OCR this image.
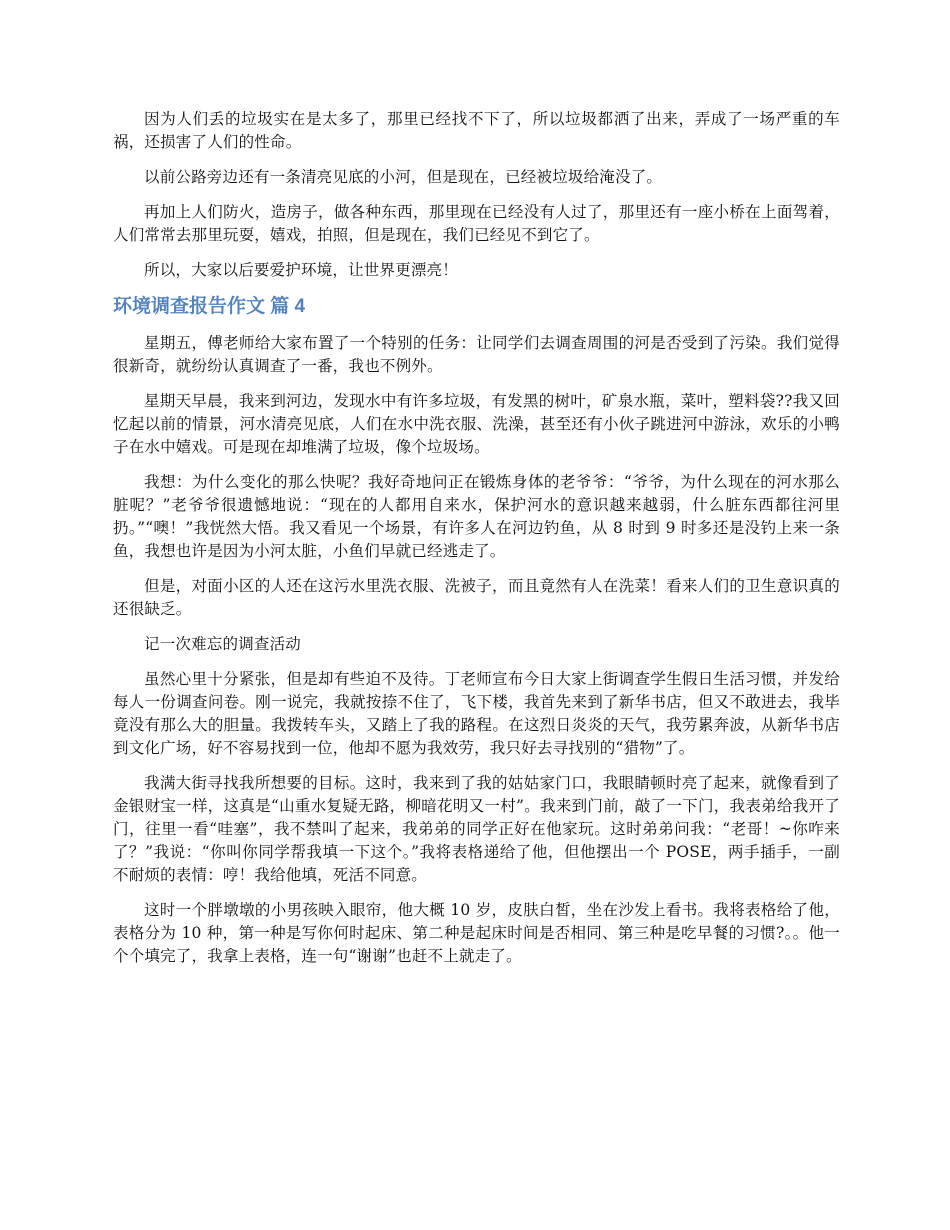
因为人们丢的垃圾实在是太多了，那里已经找不下了，所以垃圾都洒了出来，弄成了一场严重的车祸，还损害了人们的性命。

以前公路旁边还有一条清亮见底的小河，但是现在，已经被垃圾给淹没了。

再加上人们防火，造房子，做各种东西，那里现在已经没有人过了，那里还有一座小桥在上面驾着，人们常常去那里玩耍，嬉戏，拍照，但是现在，我们已经见不到它了。

所以，大家以后要爱护环境，让世界更漂亮！

环境调查报告作文 篇 4

星期五，傅老师给大家布置了一个特别的任务：让同学们去调查周围的河是否受到了污染。我们觉得很新奇，就纷纷认真调查了一番，我也不例外。

星期天早晨，我来到河边，发现水中有许多垃圾，有发黑的树叶，矿泉水瓶，菜叶，塑料袋??我又回忆起以前的情景，河水清亮见底，人们在水中洗衣服、洗澡，甚至还有小伙子跳进河中游泳，欢乐的小鸭子在水中嬉戏。可是现在却堆满了垃圾，像个垃圾场。

我想：为什么变化的那么快呢？我好奇地问正在锻炼身体的老爷爷：“爷爷，为什么现在的河水那么脏呢？”老爷爷很遗憾地说：“现在的人都用自来水，保护河水的意识越来越弱，什么脏东西都往河里扔。”“噢！”我恍然大悟。我又看见一个场景，有许多人在河边钓鱼，从 8 时到 9 时多还是没钓上来一条鱼，我想也许是因为小河太脏，小鱼们早就已经逃走了。

但是，对面小区的人还在这污水里洗衣服、洗被子，而且竟然有人在洗菜！看来人们的卫生意识真的还很缺乏。

记一次难忘的调查活动

虽然心里十分紧张，但是却有些迫不及待。丁老师宣布今日大家上街调查学生假日生活习惯，并发给每人一份调查问卷。刚一说完，我就按捺不住了，飞下楼，我首先来到了新华书店，但又不敢进去，我毕竟没有那么大的胆量。我拨转车头，又踏上了我的路程。在这烈日炎炎的天气，我劳累奔波，从新华书店到文化广场，好不容易找到一位，他却不愿为我效劳，我只好去寻找别的“猎物”了。

我满大街寻找我所想要的目标。这时，我来到了我的姑姑家门口，我眼睛顿时亮了起来，就像看到了金银财宝一样，这真是“山重水复疑无路，柳暗花明又一村”。我来到门前，敲了一下门，我表弟给我开了门，往里一看“哇塞”，我不禁叫了起来，我弟弟的同学正好在他家玩。这时弟弟问我：“老哥！~你咋来了？”我说：“你叫你同学帮我填一下这个。”我将表格递给了他，但他摆出一个 POSE，两手插手，一副不耐烦的表情：哼！我给他填，死活不同意。

这时一个胖墩墩的小男孩映入眼帘，他大概 10 岁，皮肤白皙，坐在沙发上看书。我将表格给了他，表格分为 10 种，第一种是写你何时起床、第二种是起床时间是否相同、第三种是吃早餐的习惯?。。他一个个填完了，我拿上表格，连一句“谢谢”也赶不上就走了。
